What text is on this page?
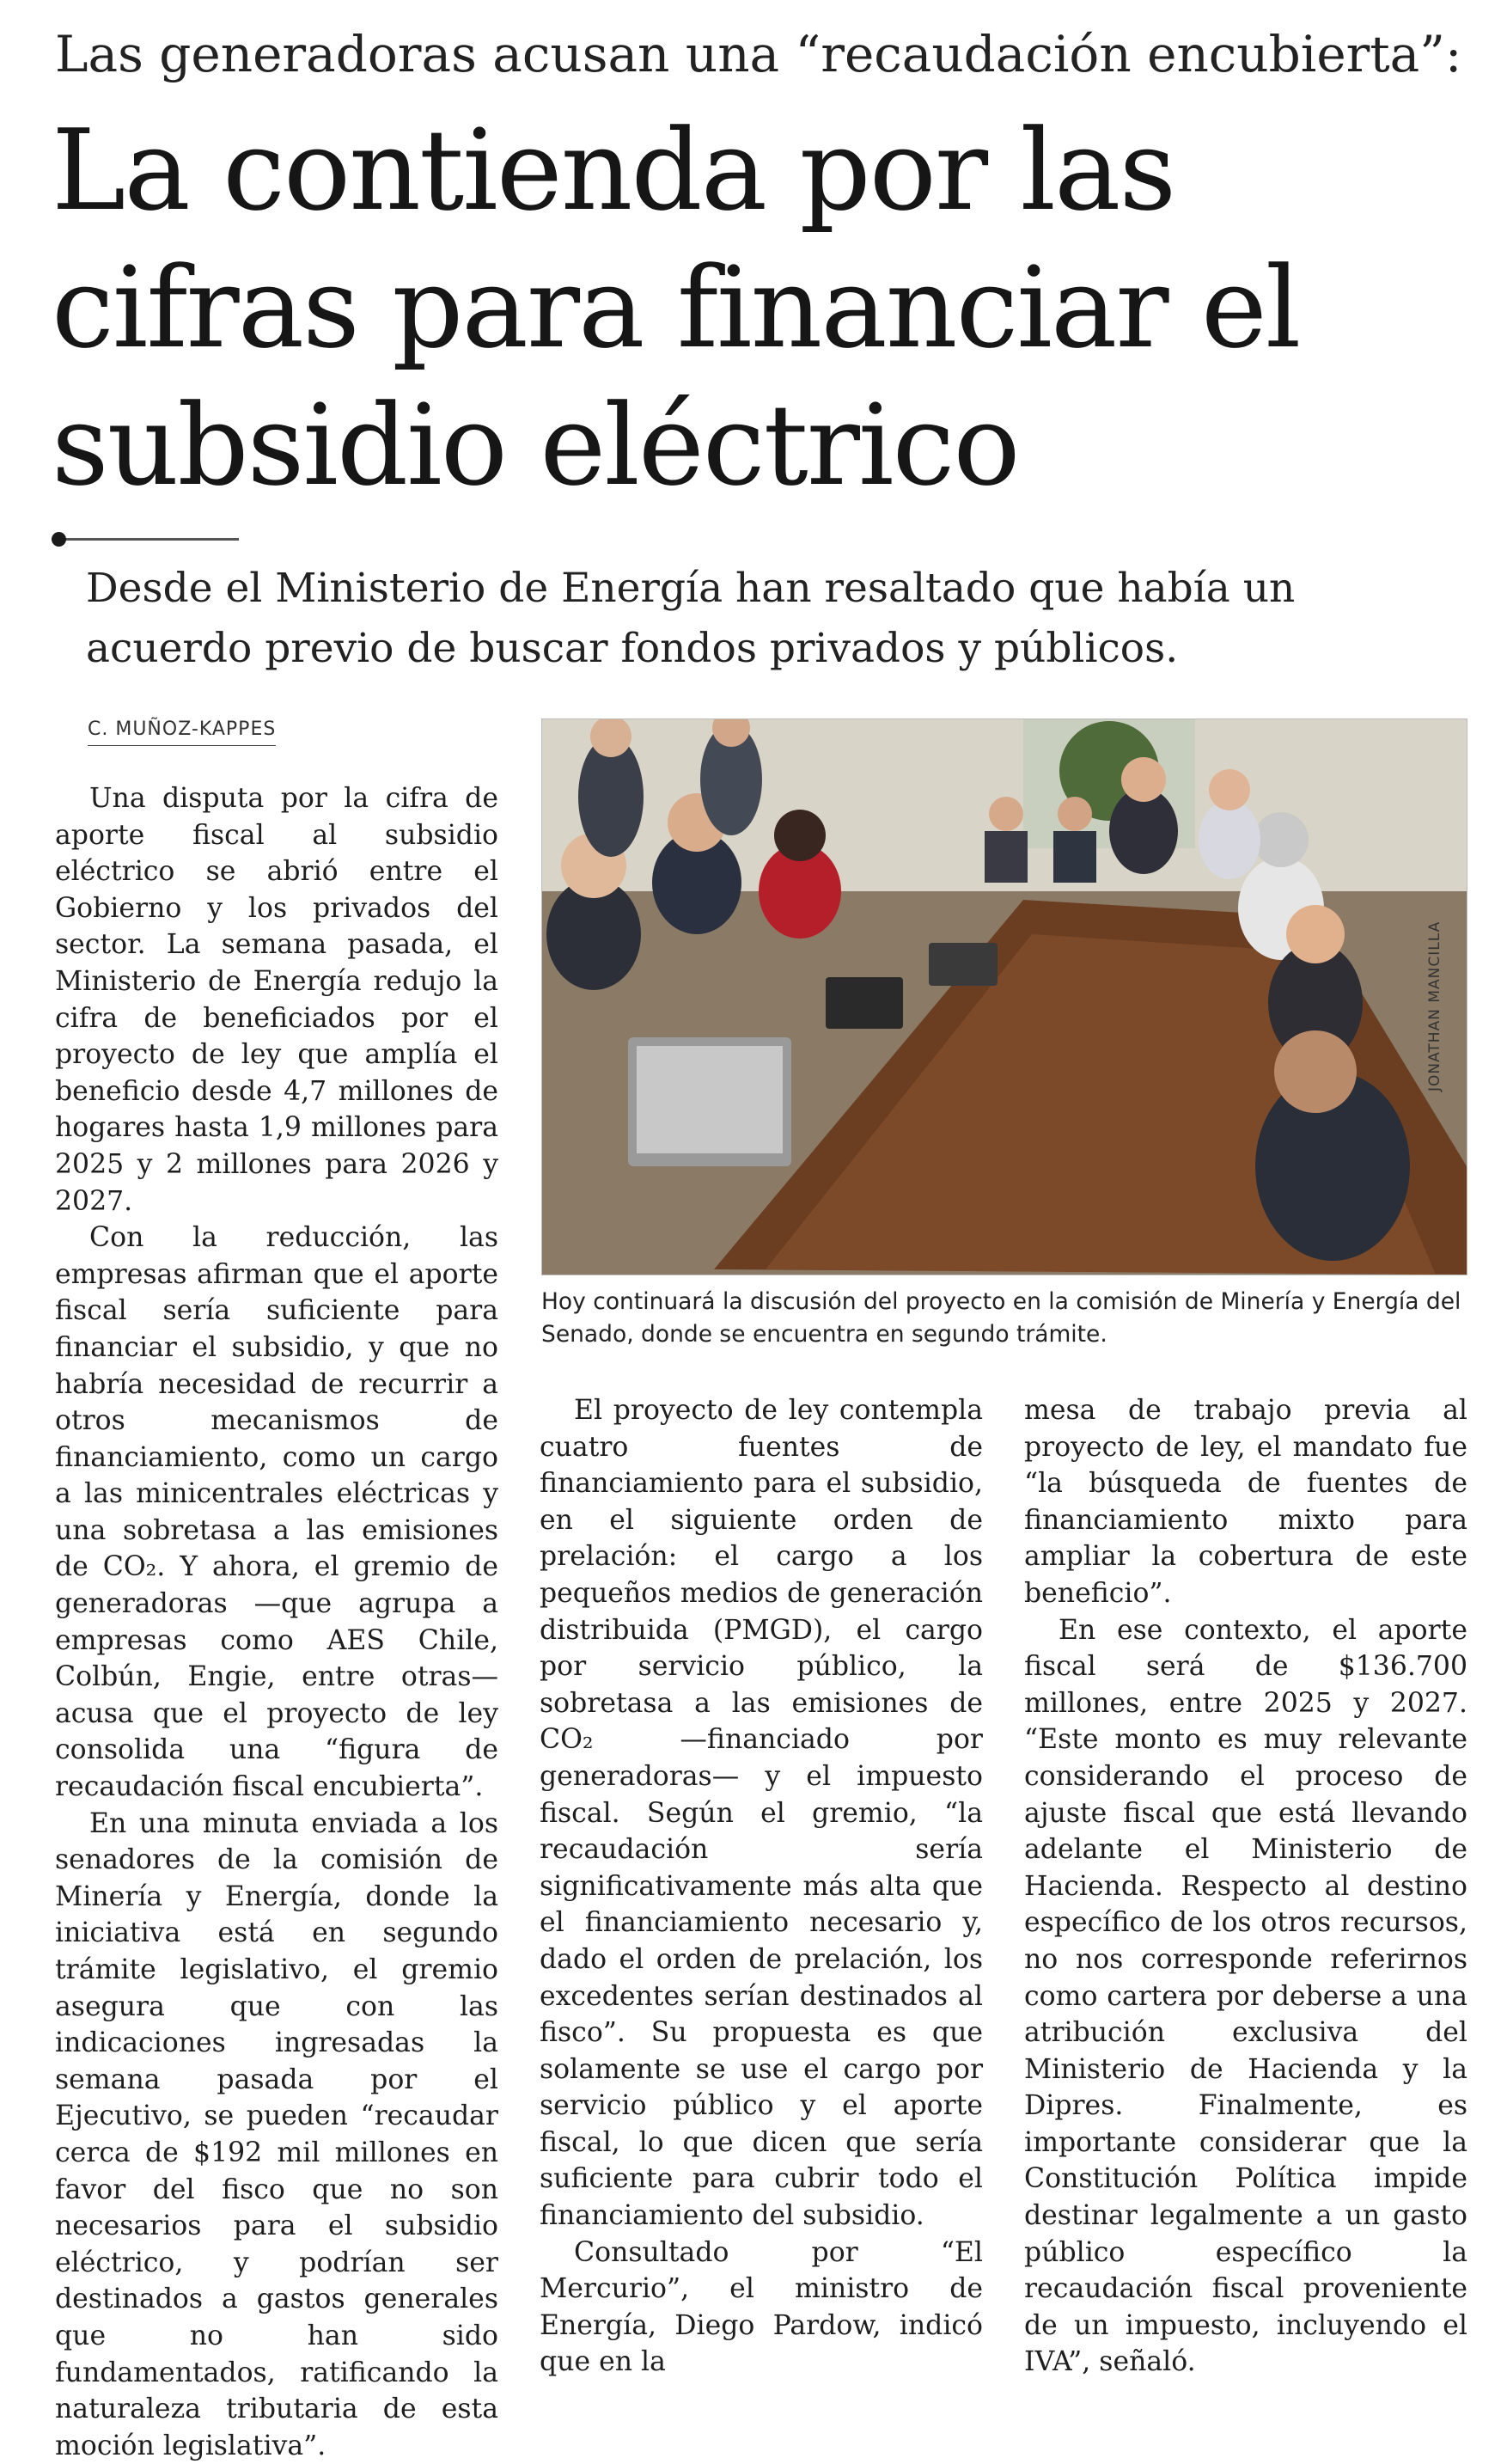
Las generadoras acusan una “recaudación encubierta”:
La contienda por las cifras para financiar el subsidio eléctrico
Desde el Ministerio de Energía han resaltado que había un acuerdo previo de buscar fondos privados y públicos.
C. MUÑOZ-KAPPES

Una disputa por la cifra de aporte fiscal al subsidio eléctrico se abrió entre el Gobierno y los privados del sector. La semana pasada, el Ministerio de Energía redujo la cifra de beneficiados por el proyecto de ley que amplía el beneficio desde 4,7 millones de hogares hasta 1,9 millones para 2025 y 2 millones para 2026 y 2027.

Con la reducción, las empresas afirman que el aporte fiscal sería suficiente para financiar el subsidio, y que no habría necesidad de recurrir a otros mecanismos de financiamiento, como un cargo a las minicentrales eléctricas y una sobretasa a las emisiones de CO₂. Y ahora, el gremio de generadoras —que agrupa a empresas como AES Chile, Colbún, Engie, entre otras— acusa que el proyecto de ley consolida una “figura de recaudación fiscal encubierta”.

En una minuta enviada a los senadores de la comisión de Minería y Energía, donde la iniciativa está en segundo trámite legislativo, el gremio asegura que con las indicaciones ingresadas la semana pasada por el Ejecutivo, se pueden “recaudar cerca de $192 mil millones en favor del fisco que no son necesarios para el subsidio eléctrico, y podrían ser destinados a gastos generales que no han sido fundamentados, ratificando la naturaleza tributaria de esta moción legislativa”.

JONATHAN MANCILLA
Hoy continuará la discusión del proyecto en la comisión de Minería y Energía del Senado, donde se encuentra en segundo trámite.

El proyecto de ley contempla cuatro fuentes de financiamiento para el subsidio, en el siguiente orden de prelación: el cargo a los pequeños medios de generación distribuida (PMGD), el cargo por servicio público, la sobretasa a las emisiones de CO₂ —financiado por generadoras— y el impuesto fiscal. Según el gremio, “la recaudación sería significativamente más alta que el financiamiento necesario y, dado el orden de prelación, los excedentes serían destinados al fisco”. Su propuesta es que solamente se use el cargo por servicio público y el aporte fiscal, lo que dicen que sería suficiente para cubrir todo el financiamiento del subsidio.

Consultado por “El Mercurio”, el ministro de Energía, Diego Pardow, indicó que en la

mesa de trabajo previa al proyecto de ley, el mandato fue “la búsqueda de fuentes de financiamiento mixto para ampliar la cobertura de este beneficio”.

En ese contexto, el aporte fiscal será de $136.700 millones, entre 2025 y 2027. “Este monto es muy relevante considerando el proceso de ajuste fiscal que está llevando adelante el Ministerio de Hacienda. Respecto al destino específico de los otros recursos, no nos corresponde referirnos como cartera por deberse a una atribución exclusiva del Ministerio de Hacienda y la Dipres. Finalmente, es importante considerar que la Constitución Política impide destinar legalmente a un gasto público específico la recaudación fiscal proveniente de un impuesto, incluyendo el IVA”, señaló.
